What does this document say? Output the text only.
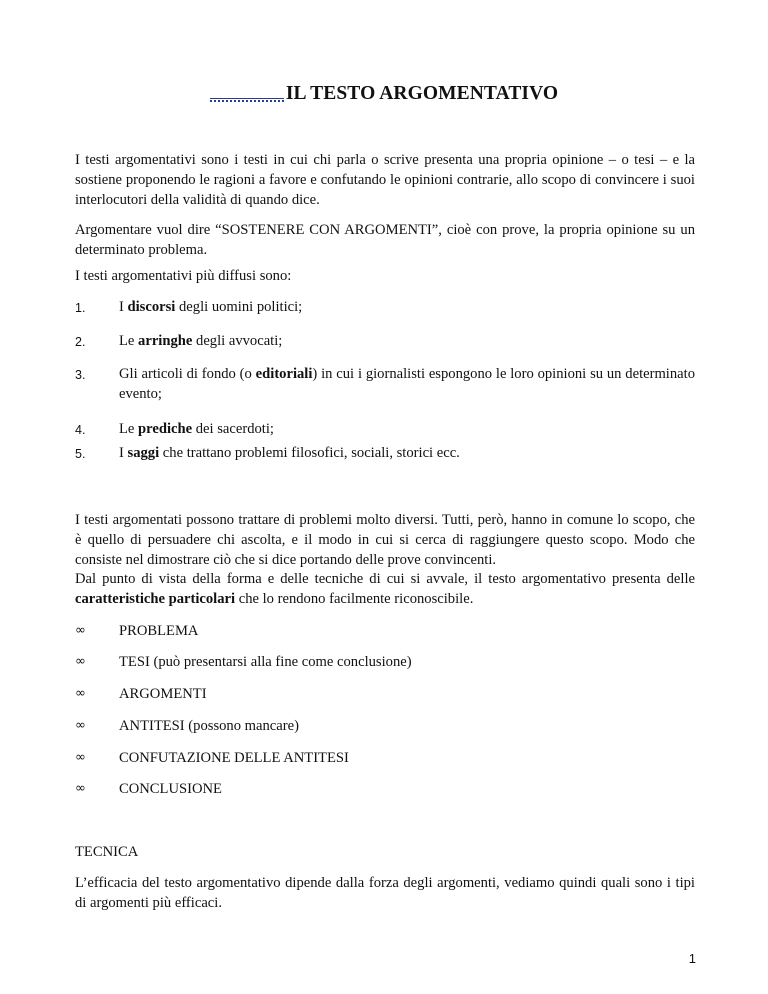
IL TESTO ARGOMENTATIVO

I testi argomentativi sono i testi in cui chi parla o scrive presenta una propria opinione – o tesi – e la sostiene proponendo le ragioni a favore e confutando le opinioni contrarie, allo scopo di convincere i suoi interlocutori della validità di quando dice.

Argomentare vuol dire “SOSTENERE CON ARGOMENTI”, cioè con prove, la propria opinione su un determinato problema.

I testi argomentativi più diffusi sono:

1.	I discorsi degli uomini politici;

2.	Le arringhe degli avvocati;

3.	Gli articoli di fondo (o editoriali) in cui i giornalisti espongono le loro opinioni su un determinato evento;

4.	Le prediche dei sacerdoti;

5.	I saggi che trattano problemi filosofici, sociali, storici ecc.

I testi argomentati possono trattare di problemi molto diversi. Tutti, però, hanno in comune lo scopo, che è quello di persuadere chi ascolta, e il modo in cui si cerca di raggiungere questo scopo. Modo che consiste nel dimostrare ciò che si dice portando delle prove convincenti.

Dal punto di vista della forma e delle tecniche di cui si avvale, il testo argomentativo presenta delle caratteristiche particolari che lo rendono facilmente riconoscibile.

∞	PROBLEMA
∞	TESI (può presentarsi alla fine come conclusione)
∞	ARGOMENTI
∞	ANTITESI (possono mancare)
∞	CONFUTAZIONE DELLE ANTITESI
∞	CONCLUSIONE

TECNICA

L’efficacia del testo argomentativo dipende dalla forza degli argomenti, vediamo quindi quali sono i tipi di argomenti più efficaci.

1
